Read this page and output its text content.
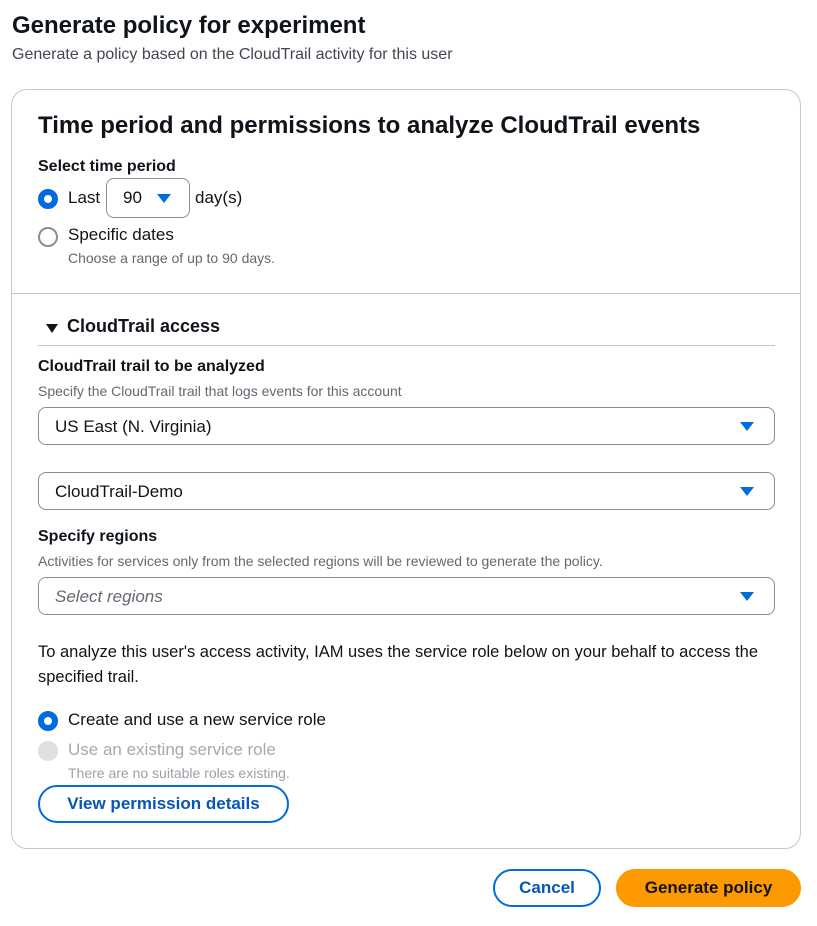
Generate policy for experiment
Generate a policy based on the CloudTrail activity for this user
Time period and permissions to analyze CloudTrail events
Select time period
Last 90	day(s)
Specific dates
Choose a range of up to 90 days.
CloudTrail access
CloudTrail trail to be analyzed
Specify the CloudTrail trail that logs events for this account
US East (N. Virginia)
CloudTrail-Demo
Specify regions
Activities for services only from the selected regions will be reviewed to generate the policy.
Select regions
To analyze this user's access activity, IAM uses the service role below on your behalf to access the specified trail.
Create and use a new service role
Use an existing service role
There are no suitable roles existing.
View permission details
Cancel	Generate policy
